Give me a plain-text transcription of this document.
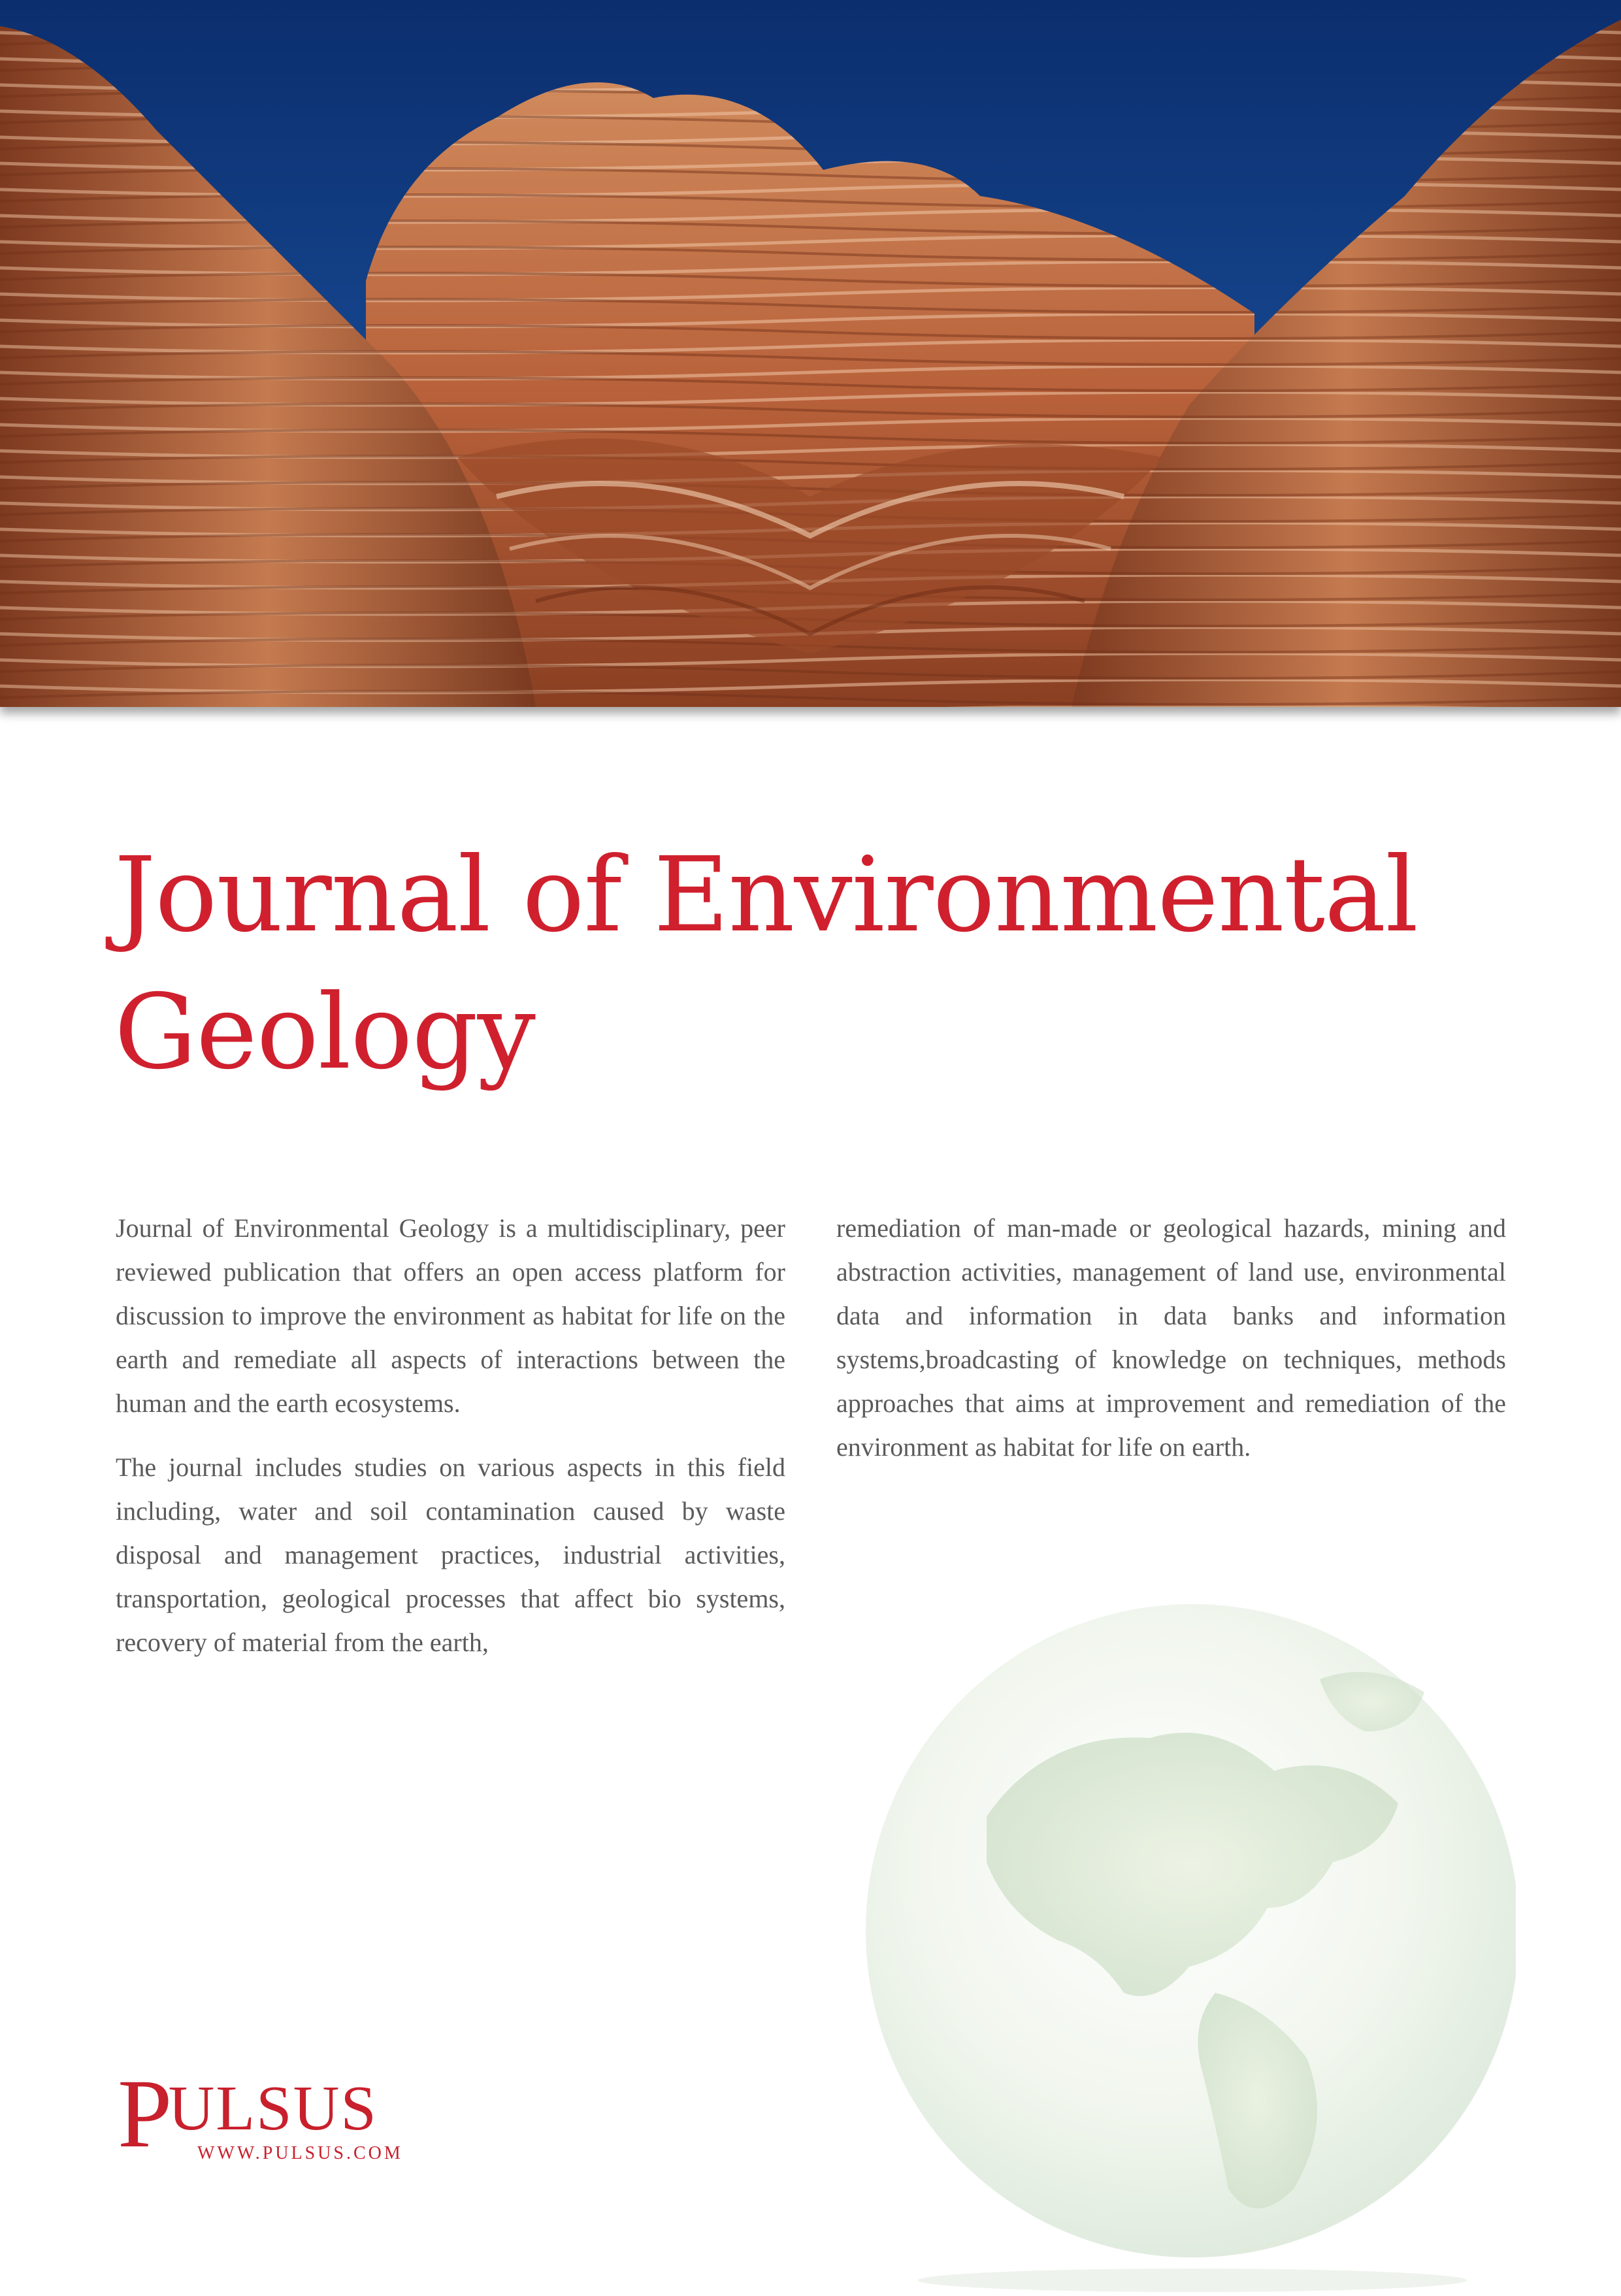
Journal of Environmental
Geology

Journal of Environmental Geology is a multidisciplinary, peer reviewed publication that offers an open access platform for discussion to improve the environment as habitat for life on the earth and remediate all aspects of interactions between the human and the earth ecosystems.

The journal includes studies on various aspects in this field including, water and soil contamination caused by waste disposal and management practices, industrial activities, transportation, geological processes that affect bio systems, recovery of material from the earth,

remediation of man-made or geological hazards, mining and abstraction activities, management of land use, environmental data and information in data banks and information systems,broadcasting of knowledge on techniques, methods approaches that aims at improvement and remediation of the environment as habitat for life on earth.

PULSUS
WWW.PULSUS.COM
